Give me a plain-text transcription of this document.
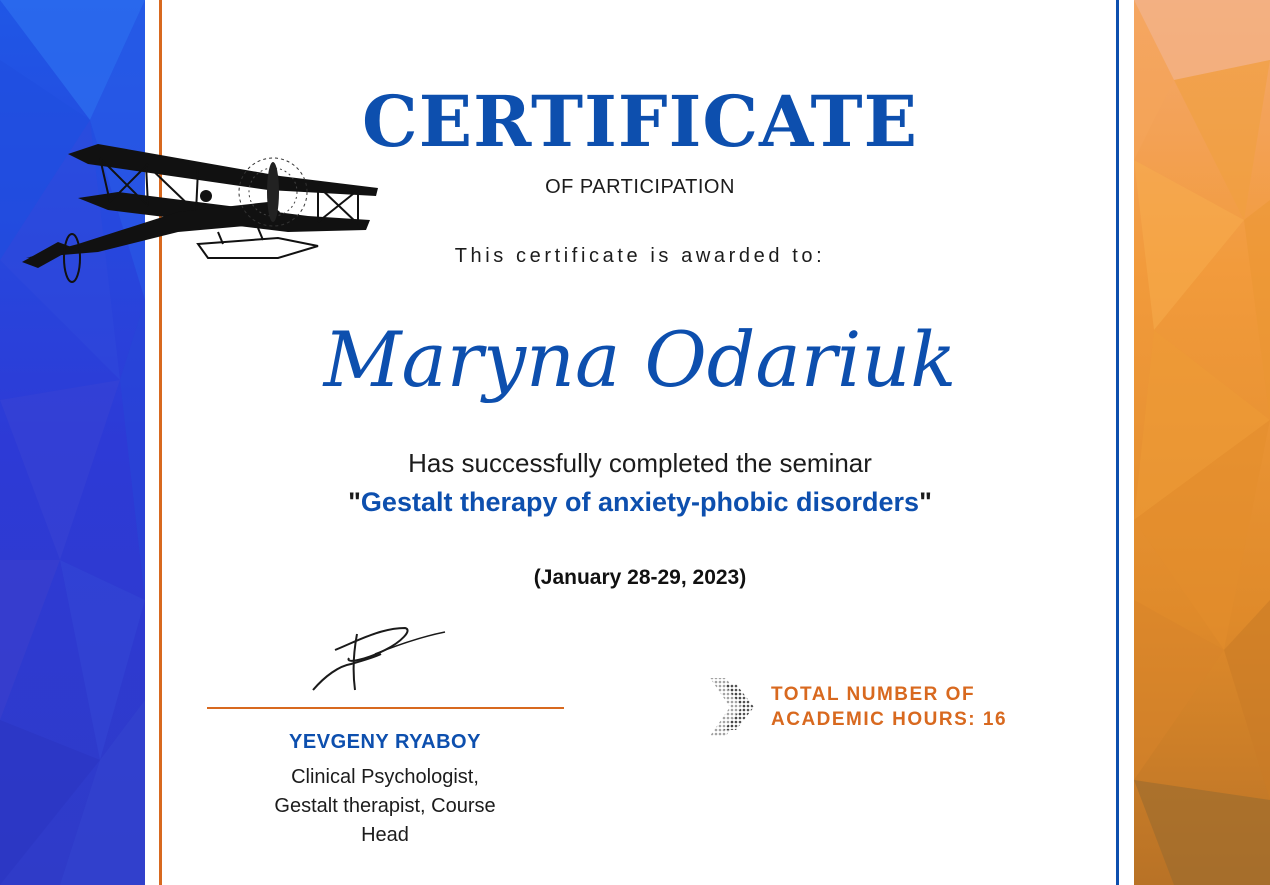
CERTIFICATE
OF PARTICIPATION
This certificate is awarded to:
Maryna Odariuk
Has successfully completed the seminar
"Gestalt therapy of anxiety-phobic disorders"
(January 28-29, 2023)
YEVGENY RYABOY
Clinical Psychologist,
Gestalt therapist, Course
Head
TOTAL NUMBER OF
ACADEMIC HOURS: 16
